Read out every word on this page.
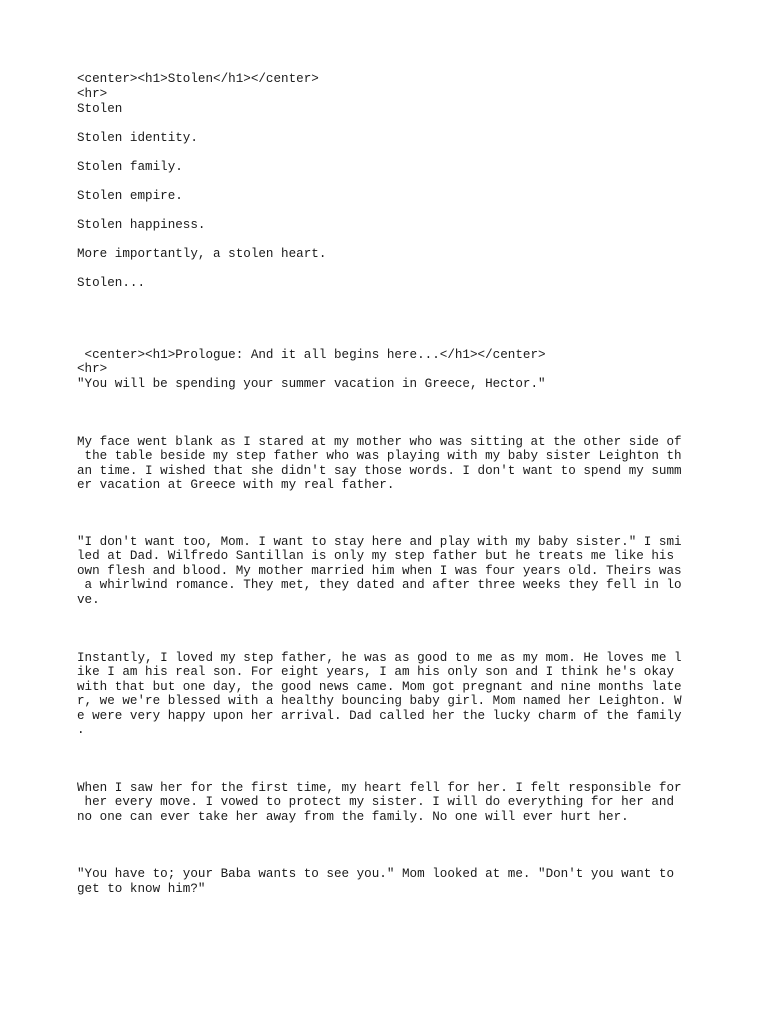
<center><h1>Stolen</h1></center>

<hr>

Stolen

Stolen identity.

Stolen family.

Stolen empire.

Stolen happiness.

More importantly, a stolen heart.

Stolen...

<center><h1>Prologue: And it all begins here...</h1></center>

<hr>

"You will be spending your summer vacation in Greece, Hector."

My face went blank as I stared at my mother who was sitting at the other side of

the table beside my step father who was playing with my baby sister Leighton th

an time. I wished that she didn't say those words. I don't want to spend my summ

er vacation at Greece with my real father.

"I don't want too, Mom. I want to stay here and play with my baby sister." I smi

led at Dad. Wilfredo Santillan is only my step father but he treats me like his

own flesh and blood. My mother married him when I was four years old. Theirs was

a whirlwind romance. They met, they dated and after three weeks they fell in lo

ve.

Instantly, I loved my step father, he was as good to me as my mom. He loves me l

ike I am his real son. For eight years, I am his only son and I think he's okay

with that but one day, the good news came. Mom got pregnant and nine months late

r, we we're blessed with a healthy bouncing baby girl. Mom named her Leighton. W

e were very happy upon her arrival. Dad called her the lucky charm of the family

.

When I saw her for the first time, my heart fell for her. I felt responsible for

her every move. I vowed to protect my sister. I will do everything for her and

no one can ever take her away from the family. No one will ever hurt her.

"You have to; your Baba wants to see you." Mom looked at me. "Don't you want to

get to know him?"
